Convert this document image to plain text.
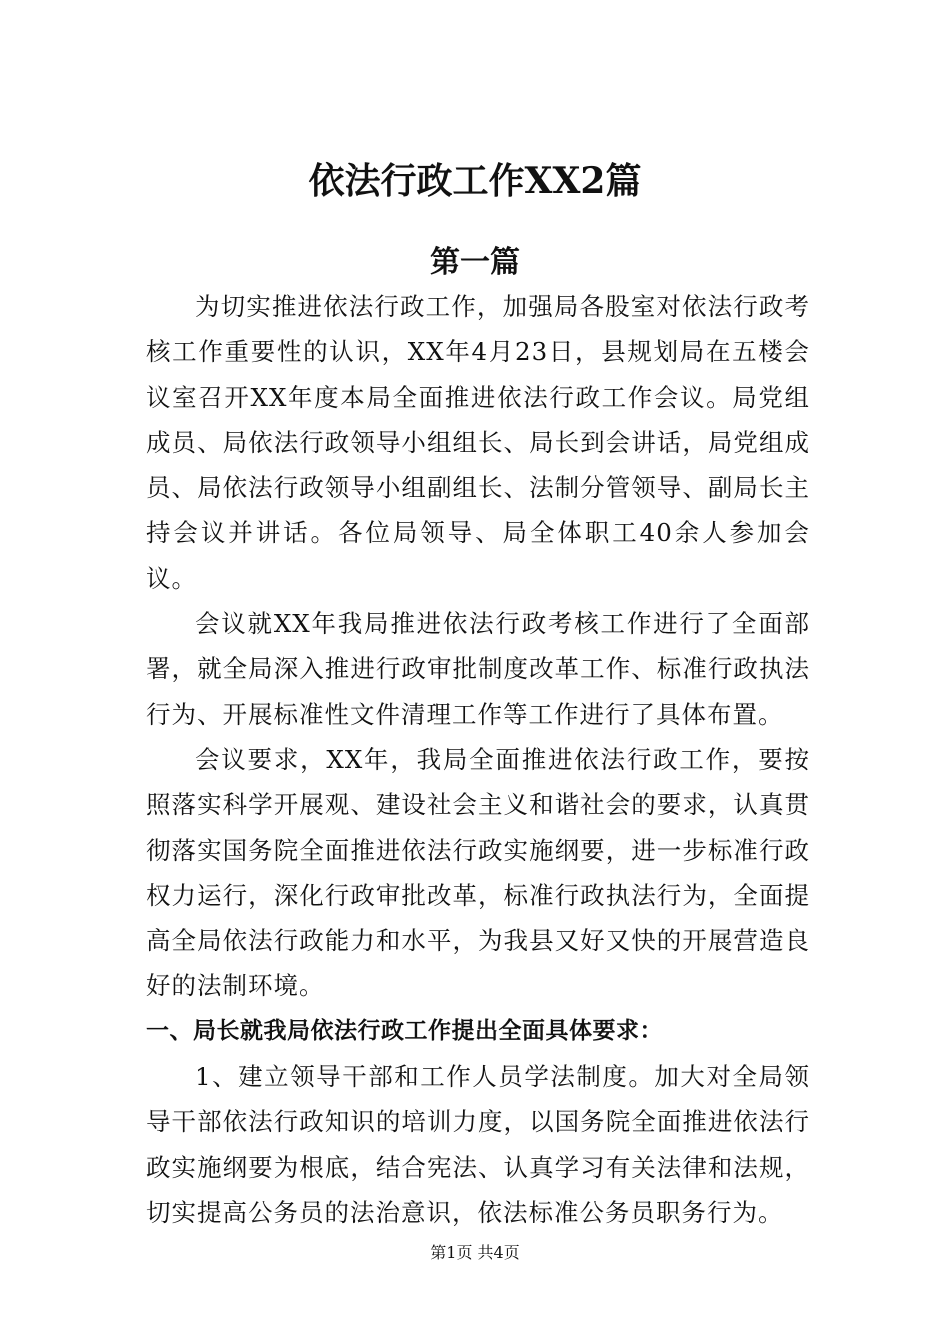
依法行政工作XX2篇
第一篇

为切实推进依法行政工作，加强局各股室对依法行政考核工作重要性的认识，XX年4月23日，县规划局在五楼会议室召开XX年度本局全面推进依法行政工作会议。局党组成员、局依法行政领导小组组长、局长到会讲话，局党组成员、局依法行政领导小组副组长、法制分管领导、副局长主持会议并讲话。各位局领导、局全体职工40余人参加会议。

会议就XX年我局推进依法行政考核工作进行了全面部署，就全局深入推进行政审批制度改革工作、标准行政执法行为、开展标准性文件清理工作等工作进行了具体布置。

会议要求，XX年，我局全面推进依法行政工作，要按照落实科学开展观、建设社会主义和谐社会的要求，认真贯彻落实国务院全面推进依法行政实施纲要，进一步标准行政权力运行，深化行政审批改革，标准行政执法行为，全面提高全局依法行政能力和水平，为我县又好又快的开展营造良好的法制环境。

一、局长就我局依法行政工作提出全面具体要求：

1、建立领导干部和工作人员学法制度。加大对全局领导干部依法行政知识的培训力度，以国务院全面推进依法行政实施纲要为根底，结合宪法、认真学习有关法律和法规，切实提高公务员的法治意识，依法标准公务员职务行为。

第1页 共4页
